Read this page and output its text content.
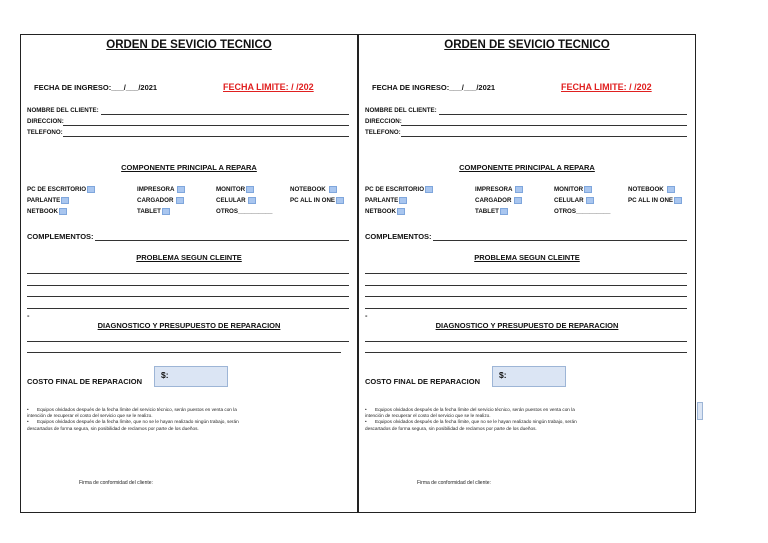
ORDEN DE SEVICIO TECNICO
FECHA DE INGRESO:___/___/2021	FECHA LIMITE: / /202
NOMBRE DEL CLIENTE:
DIRECCION:
TELEFONO:
COMPONENTE PRINCIPAL A REPARA
PC DE ESCRITORIO	IMPRESORA	MONITOR	NOTEBOOK
PARLANTE	CARGADOR	CELULAR	PC ALL IN ONE
NETBOOK	TABLET	OTROS__________
COMPLEMENTOS:
PROBLEMA SEGUN CLEINTE
-
DIAGNOSTICO Y PRESUPUESTO DE REPARACION
COSTO FINAL DE REPARACION
$:
• Equipos olvidados después de la fecha límite del servicio técnico, serán puestos en venta con la
intención de recuperar el costo del servicio que se le realizo.
• Equipos olvidados después de la fecha límite, que no se le hayan realizado ningún trabajo, serán
descartados de forma segura, sin posibilidad de reclamos por parte de los dueños.
Firma de conformidad del cliente:
ORDEN DE SEVICIO TECNICO
FECHA DE INGRESO:___/___/2021	FECHA LIMITE: / /202
NOMBRE DEL CLIENTE:
DIRECCION:
TELEFONO:
COMPONENTE PRINCIPAL A REPARA
PC DE ESCRITORIO	IMPRESORA	MONITOR	NOTEBOOK
PARLANTE	CARGADOR	CELULAR	PC ALL IN ONE
NETBOOK	TABLET	OTROS__________
COMPLEMENTOS:
PROBLEMA SEGUN CLEINTE
-
DIAGNOSTICO Y PRESUPUESTO DE REPARACION
COSTO FINAL DE REPARACION
$:
• Equipos olvidados después de la fecha límite del servicio técnico, serán puestos en venta con la
intención de recuperar el costo del servicio que se le realizo.
• Equipos olvidados después de la fecha límite, que no se le hayan realizado ningún trabajo, serán
descartados de forma segura, sin posibilidad de reclamos por parte de los dueños.
Firma de conformidad del cliente:
